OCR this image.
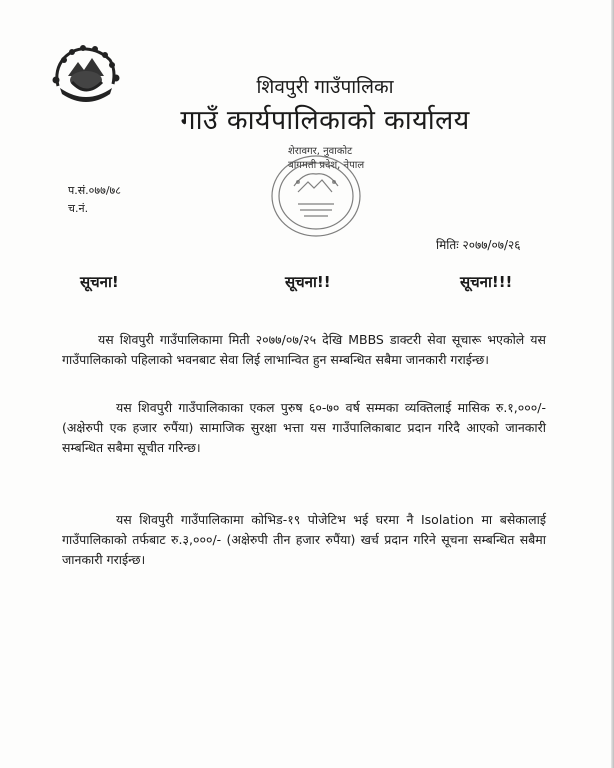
शिवपुरी गाउँपालिका
गाउँ कार्यपालिकाको कार्यालय
शेरावगर, नुवाकोट
बागमती प्रदेश, नेपाल
प.सं.०७७/७८
च.नं.
मितिः २०७७/०७/२६
सूचना!	सूचना!!	सूचना!!!
यस शिवपुरी गाउँपालिकामा मिती २०७७/०७/२५ देखि MBBS डाक्टरी सेवा सूचारू भएकोले यस गाउँपालिकाको पहिलाको भवनबाट सेवा लिई लाभान्वित हुन सम्बन्धित सबैमा जानकारी गराईन्छ।
यस शिवपुरी गाउँपालिकाका एकल पुरुष ६०-७० वर्ष सम्मका व्यक्तिलाई मासिक रु.१,०००/- (अक्षेरुपी एक हजार रुपैंया) सामाजिक सुरक्षा भत्ता यस गाउँपालिकाबाट प्रदान गरिदै आएको जानकारी सम्बन्धित सबैमा सूचीत गरिन्छ।
यस शिवपुरी गाउँपालिकामा कोभिड-१९ पोजेटिभ भई घरमा नै Isolation मा बसेकालाई गाउँपालिकाको तर्फबाट रु.३,०००/- (अक्षेरुपी तीन हजार रुपैंया) खर्च प्रदान गरिने सूचना सम्बन्धित सबैमा जानकारी गराईन्छ।
